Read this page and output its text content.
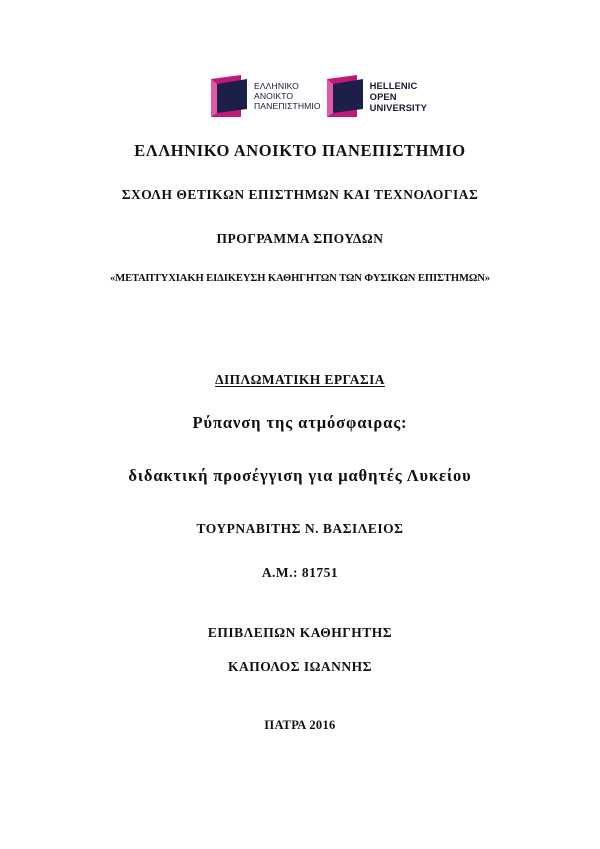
ΕΛΛΗΝΙΚΟ
ΑΝΟΙΚΤΟ
ΠΑΝΕΠΙΣΤΗΜΙΟ
HELLENIC
OPEN
UNIVERSITY
ΕΛΛΗΝΙΚΟ ΑΝΟΙΚΤΟ ΠΑΝΕΠΙΣΤΗΜΙΟ
ΣΧΟΛΗ ΘΕΤΙΚΩΝ ΕΠΙΣΤΗΜΩΝ ΚΑΙ ΤΕΧΝΟΛΟΓΙΑΣ
ΠΡΟΓΡΑΜΜΑ ΣΠΟΥΔΩΝ
«ΜΕΤΑΠΤΥΧΙΑΚΗ ΕΙΔΙΚΕΥΣΗ ΚΑΘΗΓΗΤΩΝ ΤΩΝ ΦΥΣΙΚΩΝ ΕΠΙΣΤΗΜΩΝ»
ΔΙΠΛΩΜΑΤΙΚΗ ΕΡΓΑΣΙΑ
Ρύπανση της ατμόσφαιρας:
διδακτική προσέγγιση για μαθητές Λυκείου
ΤΟΥΡΝΑΒΙΤΗΣ Ν. ΒΑΣΙΛΕΙΟΣ
Α.Μ.: 81751
ΕΠΙΒΛΕΠΩΝ ΚΑΘΗΓΗΤΗΣ
ΚΑΠΟΛΟΣ ΙΩΑΝΝΗΣ
ΠΑΤΡΑ 2016
